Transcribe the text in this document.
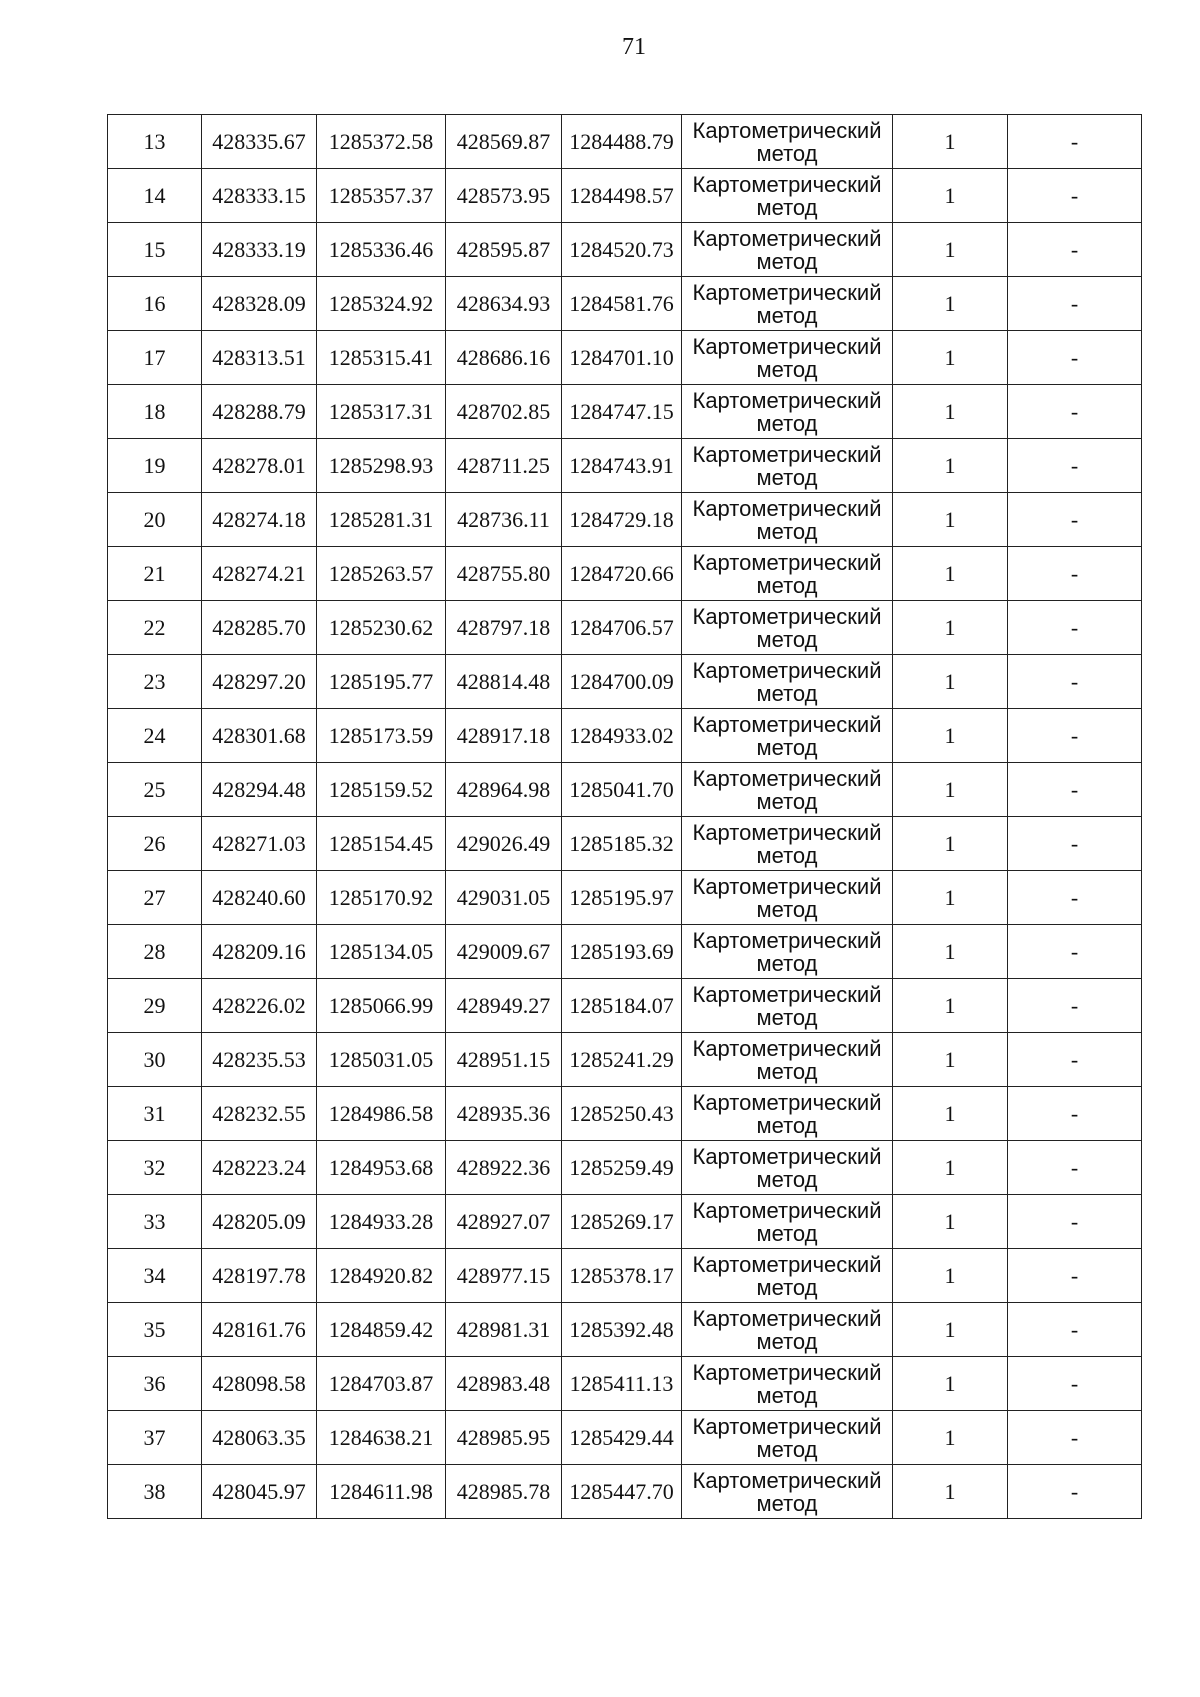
71
13	428335.67	1285372.58	428569.87	1284488.79	Картометрический
метод	1	-
14	428333.15	1285357.37	428573.95	1284498.57	Картометрический
метод	1	-
15	428333.19	1285336.46	428595.87	1284520.73	Картометрический
метод	1	-
16	428328.09	1285324.92	428634.93	1284581.76	Картометрический
метод	1	-
17	428313.51	1285315.41	428686.16	1284701.10	Картометрический
метод	1	-
18	428288.79	1285317.31	428702.85	1284747.15	Картометрический
метод	1	-
19	428278.01	1285298.93	428711.25	1284743.91	Картометрический
метод	1	-
20	428274.18	1285281.31	428736.11	1284729.18	Картометрический
метод	1	-
21	428274.21	1285263.57	428755.80	1284720.66	Картометрический
метод	1	-
22	428285.70	1285230.62	428797.18	1284706.57	Картометрический
метод	1	-
23	428297.20	1285195.77	428814.48	1284700.09	Картометрический
метод	1	-
24	428301.68	1285173.59	428917.18	1284933.02	Картометрический
метод	1	-
25	428294.48	1285159.52	428964.98	1285041.70	Картометрический
метод	1	-
26	428271.03	1285154.45	429026.49	1285185.32	Картометрический
метод	1	-
27	428240.60	1285170.92	429031.05	1285195.97	Картометрический
метод	1	-
28	428209.16	1285134.05	429009.67	1285193.69	Картометрический
метод	1	-
29	428226.02	1285066.99	428949.27	1285184.07	Картометрический
метод	1	-
30	428235.53	1285031.05	428951.15	1285241.29	Картометрический
метод	1	-
31	428232.55	1284986.58	428935.36	1285250.43	Картометрический
метод	1	-
32	428223.24	1284953.68	428922.36	1285259.49	Картометрический
метод	1	-
33	428205.09	1284933.28	428927.07	1285269.17	Картометрический
метод	1	-
34	428197.78	1284920.82	428977.15	1285378.17	Картометрический
метод	1	-
35	428161.76	1284859.42	428981.31	1285392.48	Картометрический
метод	1	-
36	428098.58	1284703.87	428983.48	1285411.13	Картометрический
метод	1	-
37	428063.35	1284638.21	428985.95	1285429.44	Картометрический
метод	1	-
38	428045.97	1284611.98	428985.78	1285447.70	Картометрический
метод	1	-
